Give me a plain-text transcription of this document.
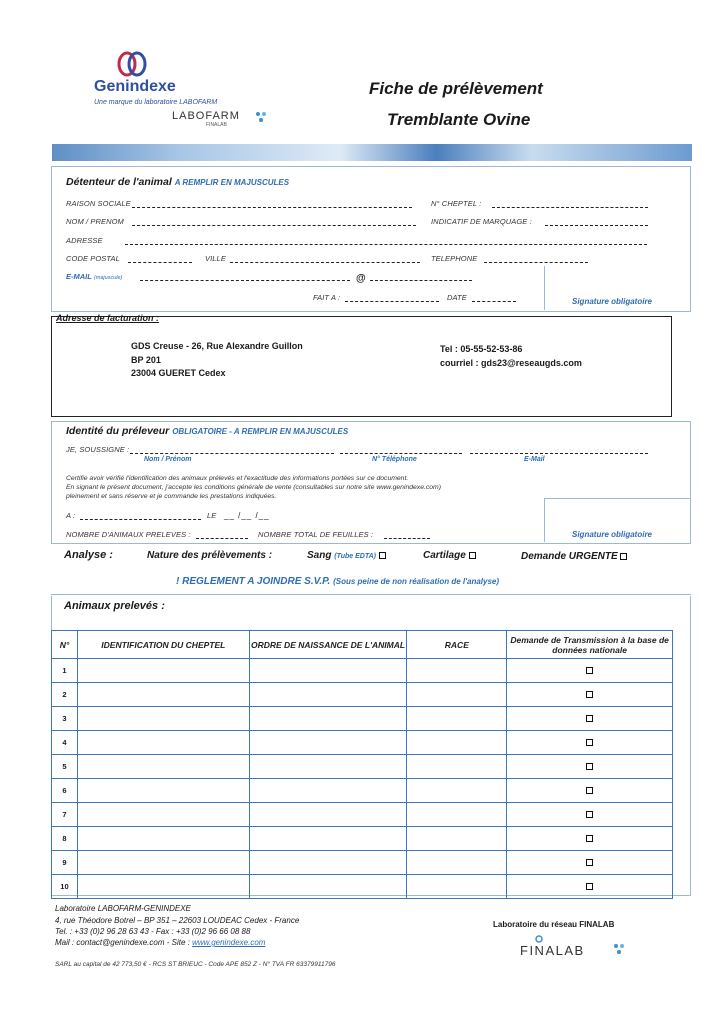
Genindexe
Une marque du laboratoire LABOFARM
LABOFARM
FINALAB
Fiche de prélèvement
Tremblante Ovine
Détenteur de l'animal A REMPLIR EN MAJUSCULES
RAISON SOCIALE	N° CHEPTEL :
NOM / PRENOM	INDICATIF DE MARQUAGE :
ADRESSE
CODE POSTAL	VILLE	TELEPHONE
E-MAIL (majuscule)	@
FAIT A :	DATE	Signature obligatoire
Adresse de facturation :
GDS Creuse - 26, Rue Alexandre Guillon
BP 201
23004 GUERET Cedex
Tel : 05-55-52-53-86
courriel : gds23@reseaugds.com
Identité du préleveur OBLIGATOIRE - A REMPLIR EN MAJUSCULES
JE, SOUSSIGNE :
Nom / Prénom	N° Téléphone	E-Mail
Certifie avoir vérifié l'identification des animaux prélevés et l'exactitude des informations portées sur ce document.
En signant le présent document, j'accepte les conditions générale de vente (consultables sur notre site www.genindexe.com)
pleinement et sans réserve et je commande les prestations indiquées.
A :	LE __ /__ /__
NOMBRE D'ANIMAUX PRELEVES :	NOMBRE TOTAL DE FEUILLES :	Signature obligatoire
Analyse :	Nature des prélèvements :	Sang (Tube EDTA)	Cartilage	Demande URGENTE
! REGLEMENT A JOINDRE S.V.P. (Sous peine de non réalisation de l'analyse)
Animaux prelevés :
N°	IDENTIFICATION DU CHEPTEL	ORDRE DE NAISSANCE DE L'ANIMAL	RACE	Demande de Transmission à la base de données nationale
1				
2				
3				
4				
5				
6				
7				
8				
9				
10				
Laboratoire LABOFARM-GENINDEXE
4, rue Théodore Botrel – BP 351 – 22603 LOUDEAC Cedex - France
Tel. : +33 (0)2 96 28 63 43 - Fax : +33 (0)2 96 66 08 88
Mail : contact@genindexe.com - Site : www.genindexe.com
SARL au capital de 42 773,50 € - RCS ST BRIEUC - Code APE 852 Z - N° TVA FR 63379911796
Laboratoire du réseau FINALAB
FINALAB
